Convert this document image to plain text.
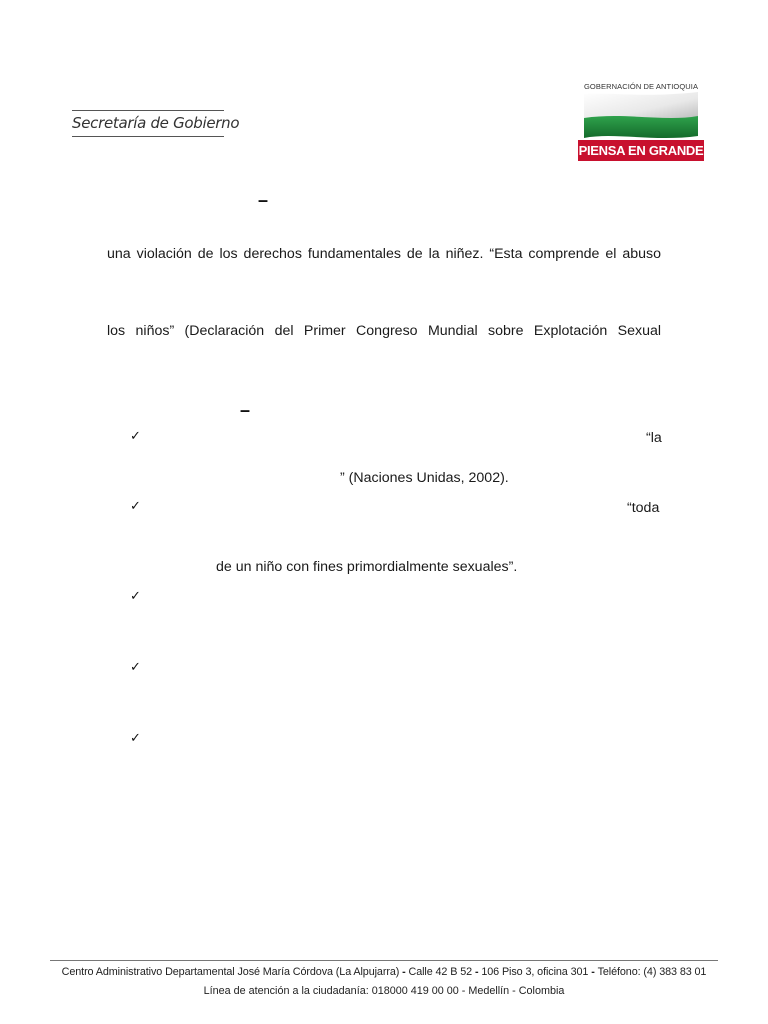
Secretaría de Gobierno
GOBERNACIÓN DE ANTIOQUIA
PIENSA EN GRANDE
–
una violación de los derechos fundamentales de la niñez. “Esta comprende el abuso
los niños” (Declaración del Primer Congreso Mundial sobre Explotación Sexual
–
✓	“la
” (Naciones Unidas, 2002).
✓	“toda
de un niño con fines primordialmente sexuales”.
✓
✓
✓
Centro Administrativo Departamental José María Córdova (La Alpujarra) - Calle 42 B 52 - 106 Piso 3, oficina 301 - Teléfono: (4) 383 83 01
Línea de atención a la ciudadanía: 018000 419 00 00 - Medellín - Colombia
